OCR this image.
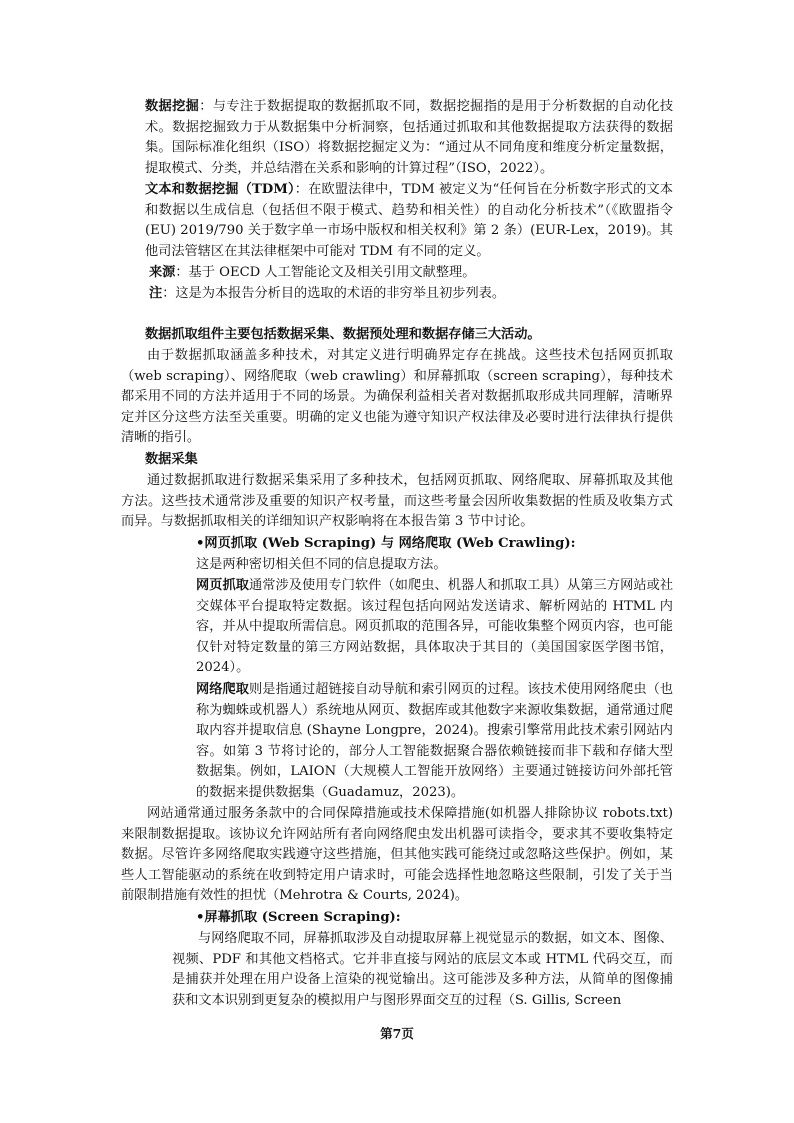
数据挖掘：与专注于数据提取的数据抓取不同，数据挖掘指的是用于分析数据的自动化技术。数据挖掘致力于从数据集中分析洞察，包括通过抓取和其他数据提取方法获得的数据集。国际标准化组织（ISO）将数据挖掘定义为：“通过从不同角度和维度分析定量数据，提取模式、分类，并总结潜在关系和影响的计算过程”（ISO，2022）。
文本和数据挖掘（TDM）：在欧盟法律中，TDM 被定义为“任何旨在分析数字形式的文本和数据以生成信息（包括但不限于模式、趋势和相关性）的自动化分析技术”（《欧盟指令 (EU) 2019/790 关于数字单一市场中版权和相关权利》第 2 条）(EUR-Lex，2019)。其他司法管辖区在其法律框架中可能对 TDM 有不同的定义。
来源：基于 OECD 人工智能论文及相关引用文献整理。
注：这是为本报告分析目的选取的术语的非穷举且初步列表。
数据抓取组件主要包括数据采集、数据预处理和数据存储三大活动。
由于数据抓取涵盖多种技术，对其定义进行明确界定存在挑战。这些技术包括网页抓取（web scraping）、网络爬取（web crawling）和屏幕抓取（screen scraping），每种技术都采用不同的方法并适用于不同的场景。为确保利益相关者对数据抓取形成共同理解，清晰界定并区分这些方法至关重要。明确的定义也能为遵守知识产权法律及必要时进行法律执行提供清晰的指引。
数据采集
通过数据抓取进行数据采集采用了多种技术，包括网页抓取、网络爬取、屏幕抓取及其他方法。这些技术通常涉及重要的知识产权考量，而这些考量会因所收集数据的性质及收集方式而异。与数据抓取相关的详细知识产权影响将在本报告第 3 节中讨论。
•网页抓取 (Web Scraping) 与 网络爬取 (Web Crawling):
这是两种密切相关但不同的信息提取方法。
网页抓取通常涉及使用专门软件（如爬虫、机器人和抓取工具）从第三方网站或社交媒体平台提取特定数据。该过程包括向网站发送请求、解析网站的 HTML 内容，并从中提取所需信息。网页抓取的范围各异，可能收集整个网页内容，也可能仅针对特定数量的第三方网站数据，具体取决于其目的（美国国家医学图书馆，2024）。
网络爬取则是指通过超链接自动导航和索引网页的过程。该技术使用网络爬虫（也称为蜘蛛或机器人）系统地从网页、数据库或其他数字来源收集数据，通常通过爬取内容并提取信息 (Shayne Longpre，2024)。搜索引擎常用此技术索引网站内容。如第 3 节将讨论的，部分人工智能数据聚合器依赖链接而非下载和存储大型数据集。例如，LAION（大规模人工智能开放网络）主要通过链接访问外部托管的数据来提供数据集（Guadamuz，2023)。
网站通常通过服务条款中的合同保障措施或技术保障措施(如机器人排除协议 robots.txt)来限制数据提取。该协议允许网站所有者向网络爬虫发出机器可读指令，要求其不要收集特定数据。尽管许多网络爬取实践遵守这些措施，但其他实践可能绕过或忽略这些保护。例如，某些人工智能驱动的系统在收到特定用户请求时，可能会选择性地忽略这些限制，引发了关于当前限制措施有效性的担忧（Mehrotra & Courts, 2024)。
•屏幕抓取 (Screen Scraping):
与网络爬取不同，屏幕抓取涉及自动提取屏幕上视觉显示的数据，如文本、图像、视频、PDF 和其他文档格式。它并非直接与网站的底层文本或 HTML 代码交互，而是捕获并处理在用户设备上渲染的视觉输出。这可能涉及多种方法，从简单的图像捕获和文本识别到更复杂的模拟用户与图形界面交互的过程（S. Gillis, Screen
第7页
